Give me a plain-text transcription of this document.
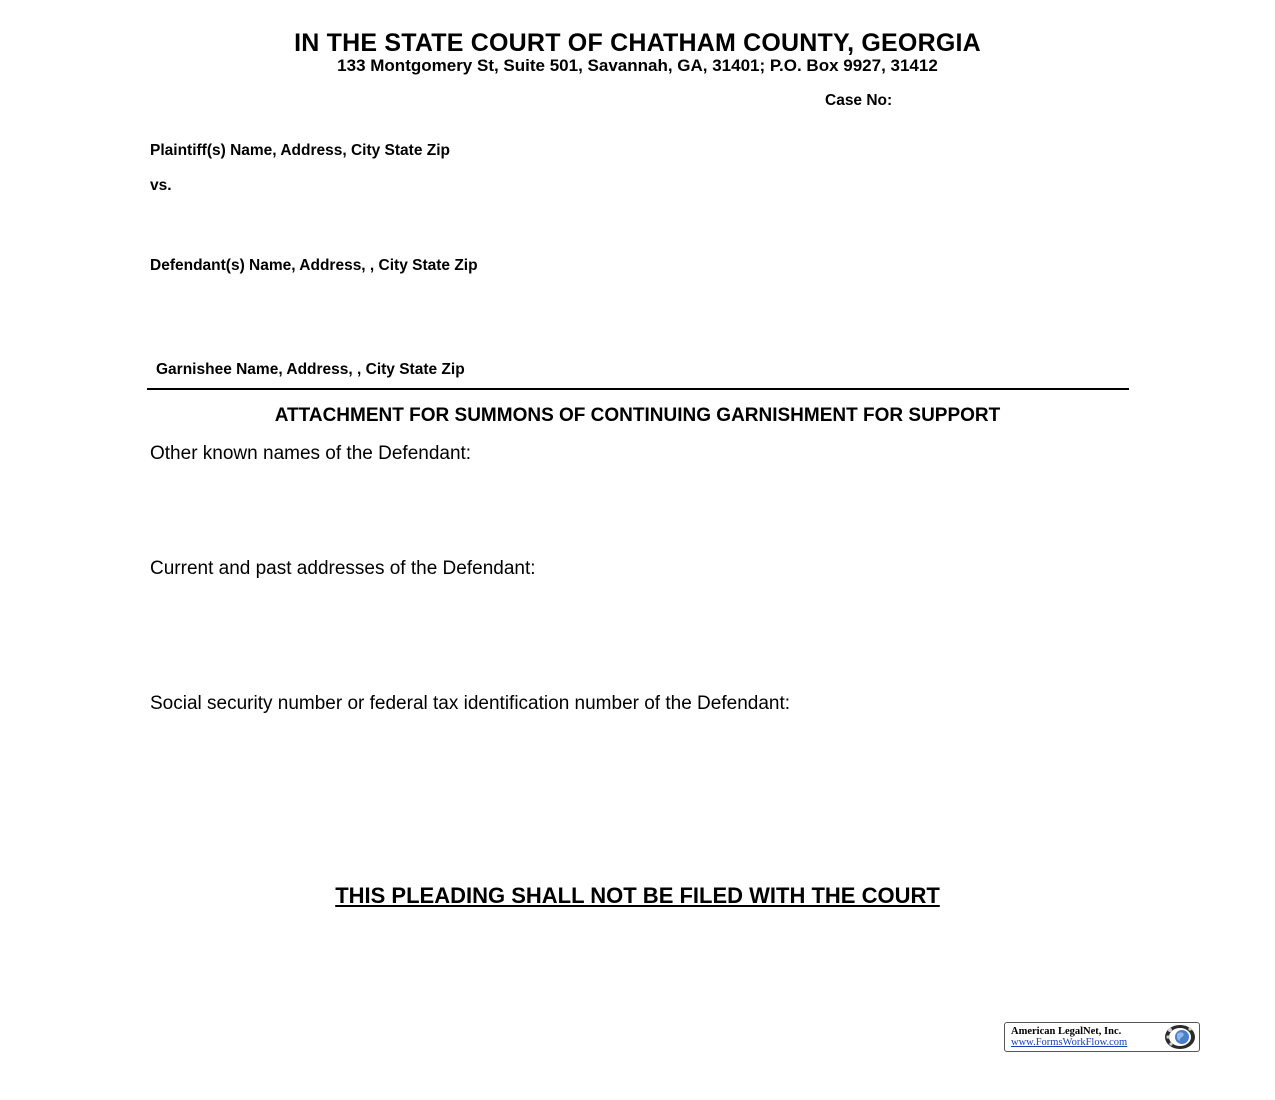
IN THE STATE COURT OF CHATHAM COUNTY, GEORGIA
133 Montgomery St, Suite 501, Savannah, GA, 31401; P.O. Box 9927, 31412
Case No:
Plaintiff(s) Name, Address, City State Zip
vs.
Defendant(s) Name, Address, , City State Zip
Garnishee Name, Address, , City State Zip
ATTACHMENT FOR SUMMONS OF CONTINUING GARNISHMENT FOR SUPPORT
Other known names of the Defendant:
Current and past addresses of the Defendant:
Social security number or federal tax identification number of the Defendant:
THIS PLEADING SHALL NOT BE FILED WITH THE COURT
American LegalNet, Inc.
www.FormsWorkFlow.com
